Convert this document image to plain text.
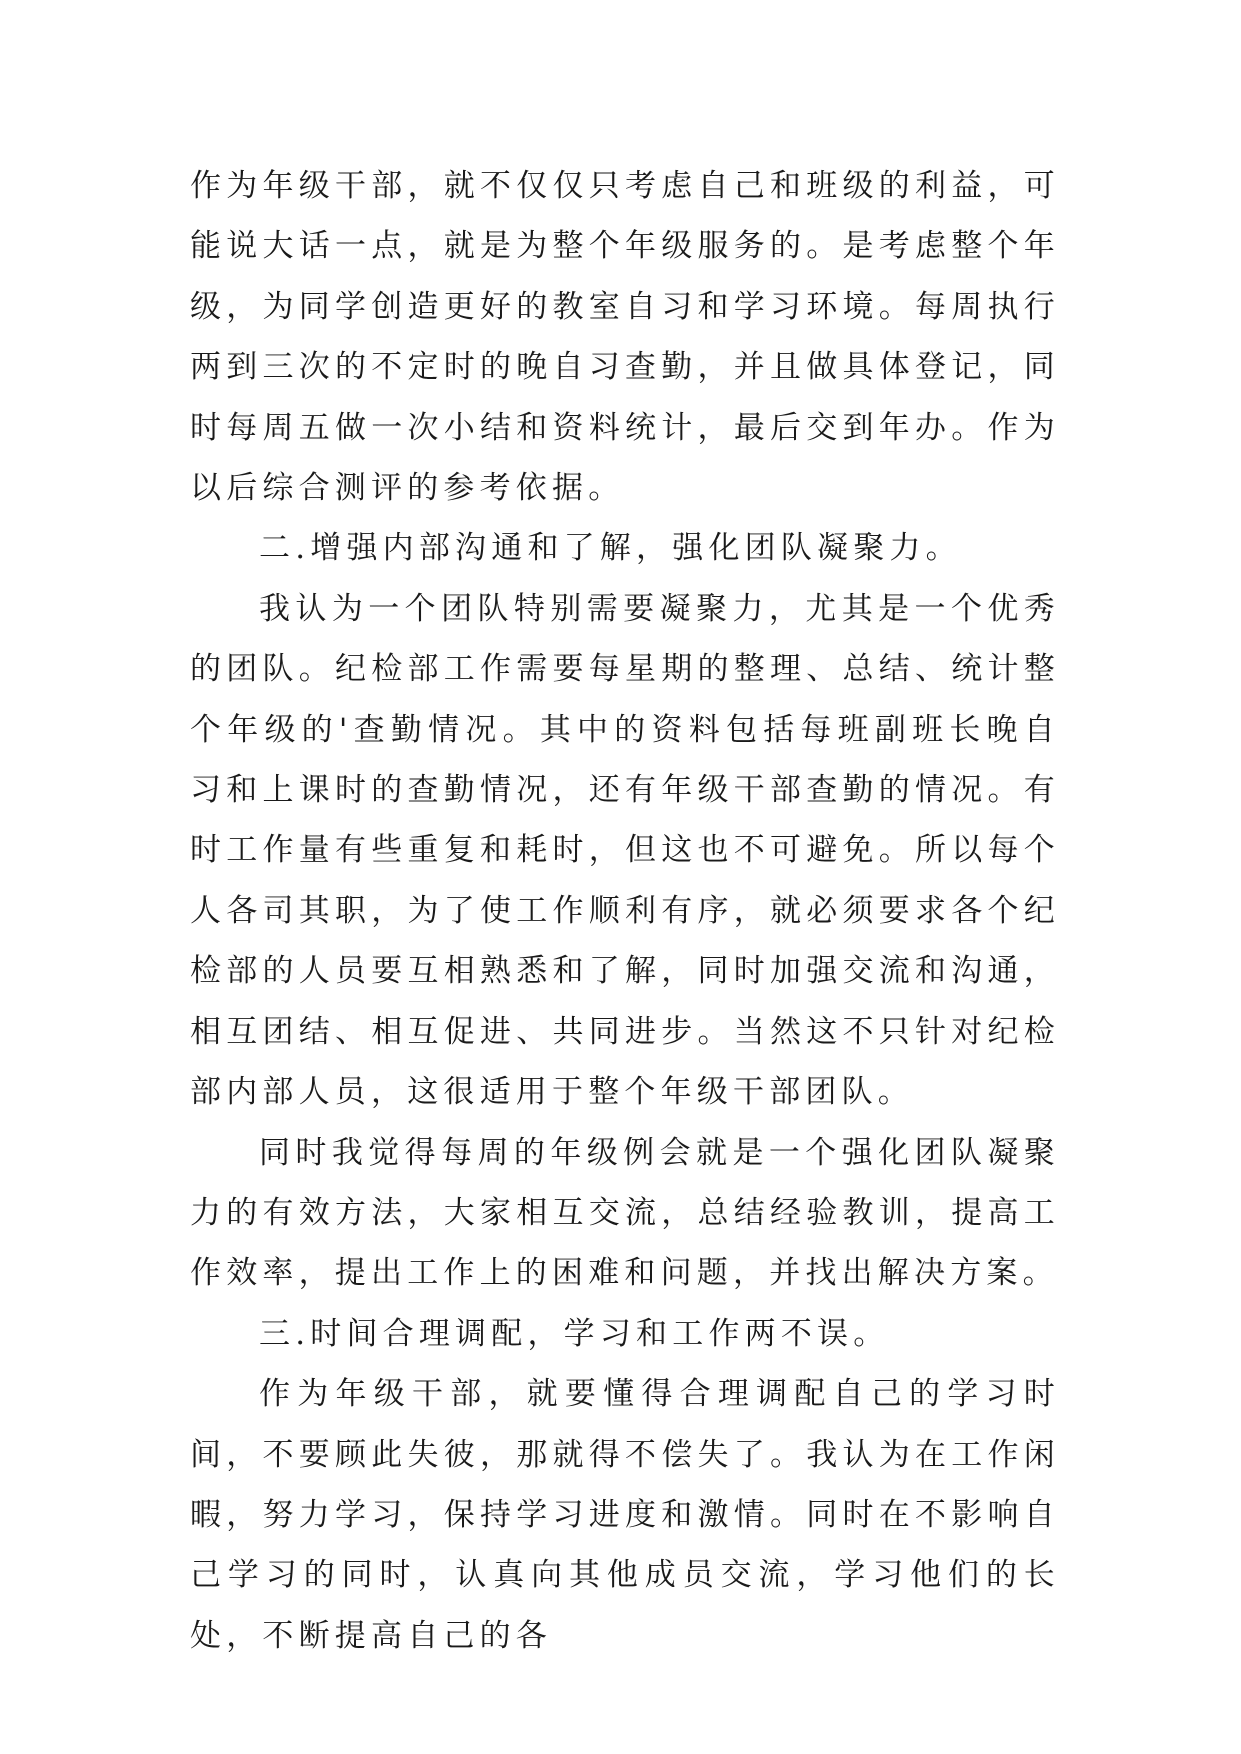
作为年级干部，就不仅仅只考虑自己和班级的利益，可能说大话一点，就是为整个年级服务的。是考虑整个年级，为同学创造更好的教室自习和学习环境。每周执行两到三次的不定时的晚自习查勤，并且做具体登记，同时每周五做一次小结和资料统计，最后交到年办。作为以后综合测评的参考依据。

二.增强内部沟通和了解，强化团队凝聚力。

我认为一个团队特别需要凝聚力，尤其是一个优秀的团队。纪检部工作需要每星期的整理、总结、统计整个年级的'查勤情况。其中的资料包括每班副班长晚自习和上课时的查勤情况，还有年级干部查勤的情况。有时工作量有些重复和耗时，但这也不可避免。所以每个人各司其职，为了使工作顺利有序，就必须要求各个纪检部的人员要互相熟悉和了解，同时加强交流和沟通，相互团结、相互促进、共同进步。当然这不只针对纪检部内部人员，这很适用于整个年级干部团队。

同时我觉得每周的年级例会就是一个强化团队凝聚力的有效方法，大家相互交流，总结经验教训，提高工作效率，提出工作上的困难和问题，并找出解决方案。

三.时间合理调配，学习和工作两不误。

作为年级干部，就要懂得合理调配自己的学习时间，不要顾此失彼，那就得不偿失了。我认为在工作闲暇，努力学习，保持学习进度和激情。同时在不影响自己学习的同时，认真向其他成员交流，学习他们的长处，不断提高自己的各
